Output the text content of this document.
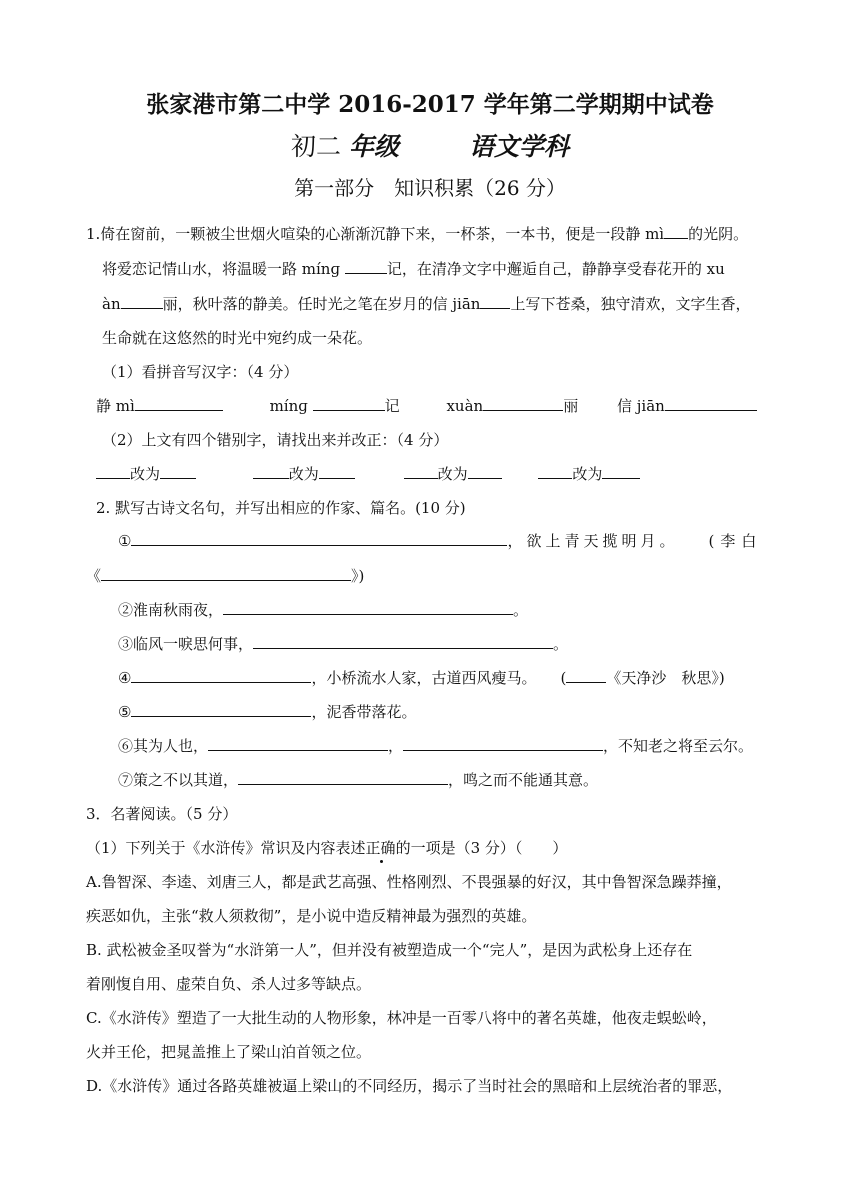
张家港市第二中学 2016-2017 学年第二学期期中试卷
初二 年级	语文学科
第一部分　知识积累（26 分）
1.倚在窗前，一颗被尘世烟火喧染的心渐渐沉静下来，一杯茶，一本书，便是一段静 mì 的光阴。
将爱恋记情山水，将温暖一路 mínɡ	记，在清净文字中邂逅自己，静静享受春花开的 xu
àn	丽，秋叶落的静美。任时光之笔在岁月的信 jiān 上写下苍桑，独守清欢，文字生香，
生命就在这悠然的时光中宛约成一朵花。
（1）看拼音写汉字：（4 分）
静 mì	mínɡ	记	xuàn	丽	信 jiān
（2）上文有四个错别字，请找出来并改正：（4 分）
改为	改为	改为	改为
2. 默写古诗文名句，并写出相应的作家、篇名。(10 分)
①	，欲上青天揽明月。 (李白
《	》)
②淮南秋雨夜，	。
③临风一唳思何事，	。
④	，小桥流水人家，古道西风瘦马。 (	《天净沙　秋思》)
⑤	，泥香带落花。
⑥其为人也，	，	，不知老之将至云尔。
⑦策之不以其道，	，鸣之而不能通其意。
3．名著阅读。（5 分）
（1）下列关于《水浒传》常识及内容表述正确的一项是（3 分）（　　）
A.鲁智深、李逵、刘唐三人，都是武艺高强、性格刚烈、不畏强暴的好汉，其中鲁智深急躁莽撞，
疾恶如仇，主张“救人须救彻”，是小说中造反精神最为强烈的英雄。
B. 武松被金圣叹誉为“水浒第一人”，但并没有被塑造成一个“完人”，是因为武松身上还存在
着刚愎自用、虚荣自负、杀人过多等缺点。
C.《水浒传》塑造了一大批生动的人物形象，林冲是一百零八将中的著名英雄，他夜走蜈蚣岭，
火并王伦，把晁盖推上了梁山泊首领之位。
D.《水浒传》通过各路英雄被逼上梁山的不同经历，揭示了当时社会的黑暗和上层统治者的罪恶，
